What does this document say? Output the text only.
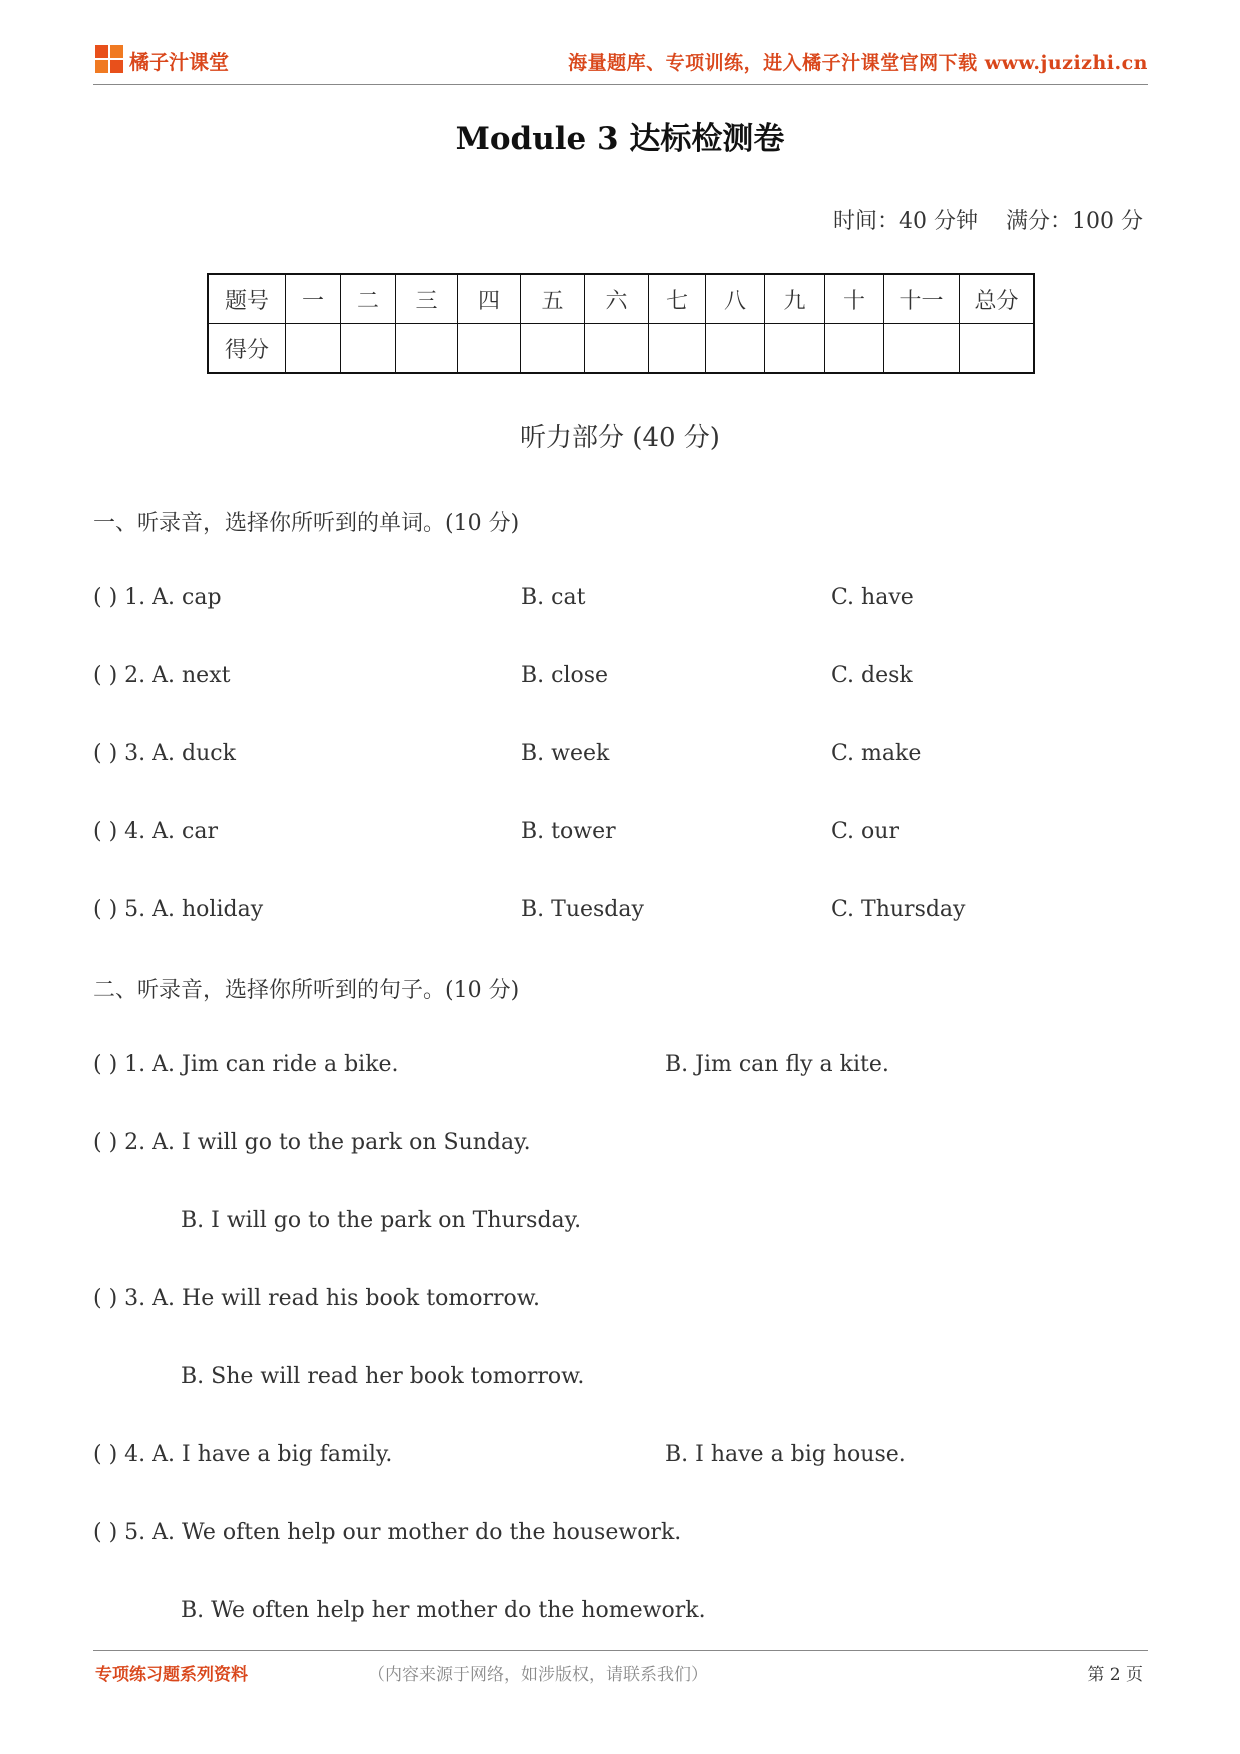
橘子汁课堂	海量题库、专项训练，进入橘子汁课堂官网下载 www.juzizhi.cn
Module 3 达标检测卷
时间：40 分钟 满分：100 分
题号	一	二	三	四	五	六	七	八	九	十	十一	总分
得分												
听力部分 (40 分)
一、听录音，选择你所听到的单词。(10 分)
( ) 1. A. cap	B. cat	C. have
( ) 2. A. next	B. close	C. desk
( ) 3. A. duck	B. week	C. make
( ) 4. A. car	B. tower	C. our
( ) 5. A. holiday	B. Tuesday	C. Thursday
二、听录音，选择你所听到的句子。(10 分)
( ) 1. A. Jim can ride a bike.	B. Jim can fly a kite.
( ) 2. A. I will go to the park on Sunday.
B. I will go to the park on Thursday.
( ) 3. A. He will read his book tomorrow.
B. She will read her book tomorrow.
( ) 4. A. I have a big family.	B. I have a big house.
( ) 5. A. We often help our mother do the housework.
B. We often help her mother do the homework.
专项练习题系列资料	（内容来源于网络，如涉版权，请联系我们）	第 2 页
